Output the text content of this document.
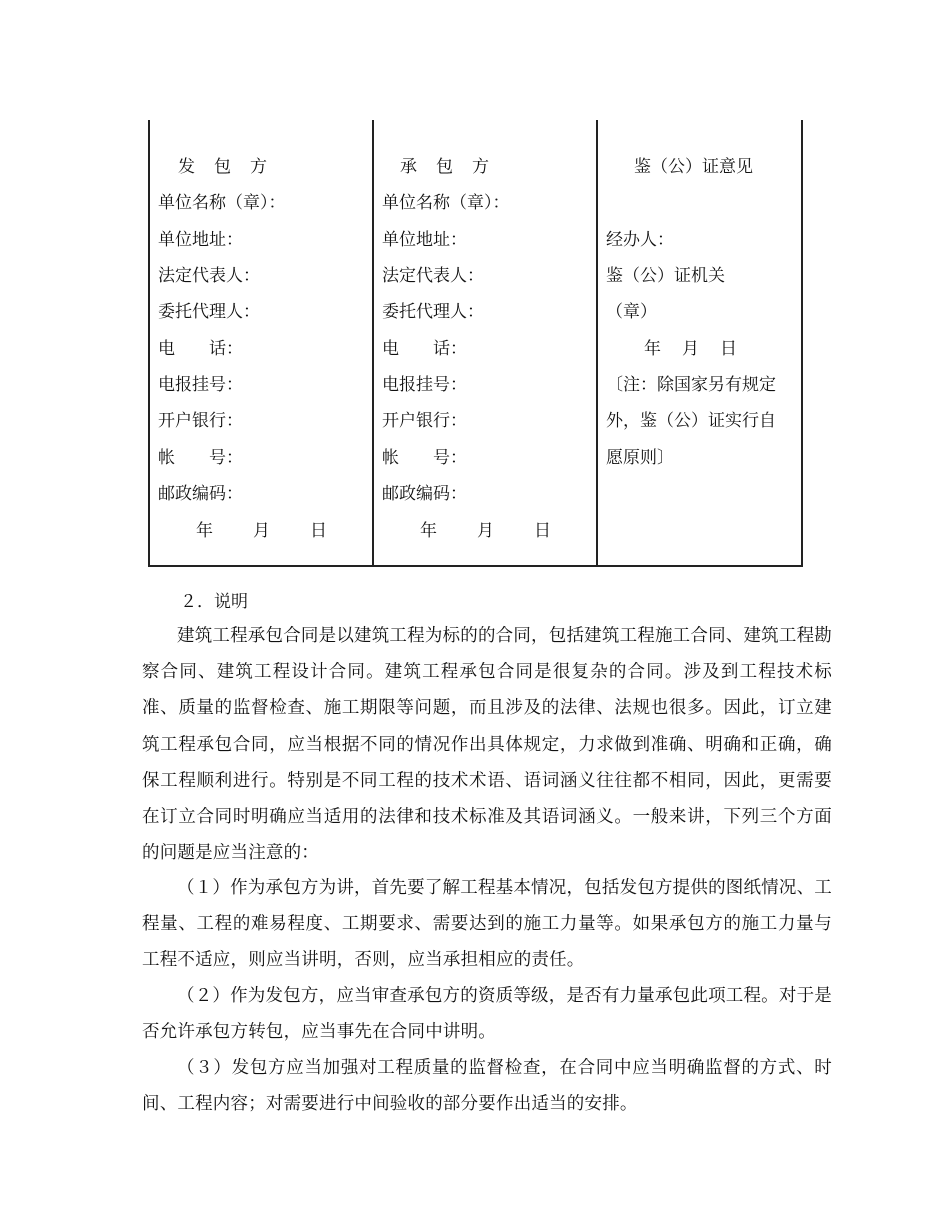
发　包　方
单位名称（章）：
单位地址：
法定代表人：
委托代理人：
电　　话：
电报挂号：
开户银行：
帐　　号：
邮政编码：
年　　月　　日
承　包　方
单位名称（章）：
单位地址：
法定代表人：
委托代理人：
电　　话：
电报挂号：
开户银行：
帐　　号：
邮政编码：
年　　月　　日
鉴（公）证意见
经办人：
鉴（公）证机关
（章）
年　月　日
〔注：除国家另有规定
外，鉴（公）证实行自
愿原则〕
２．说明
建筑工程承包合同是以建筑工程为标的的合同，包括建筑工程施工合同、建筑工程勘察合同、建筑工程设计合同。建筑工程承包合同是很复杂的合同。涉及到工程技术标准、质量的监督检查、施工期限等问题，而且涉及的法律、法规也很多。因此，订立建筑工程承包合同，应当根据不同的情况作出具体规定，力求做到准确、明确和正确，确保工程顺利进行。特别是不同工程的技术术语、语词涵义往往都不相同，因此，更需要在订立合同时明确应当适用的法律和技术标准及其语词涵义。一般来讲，下列三个方面的问题是应当注意的：
（１）作为承包方为讲，首先要了解工程基本情况，包括发包方提供的图纸情况、工程量、工程的难易程度、工期要求、需要达到的施工力量等。如果承包方的施工力量与工程不适应，则应当讲明，否则，应当承担相应的责任。
（２）作为发包方，应当审查承包方的资质等级，是否有力量承包此项工程。对于是否允许承包方转包，应当事先在合同中讲明。
（３）发包方应当加强对工程质量的监督检查，在合同中应当明确监督的方式、时间、工程内容；对需要进行中间验收的部分要作出适当的安排。
